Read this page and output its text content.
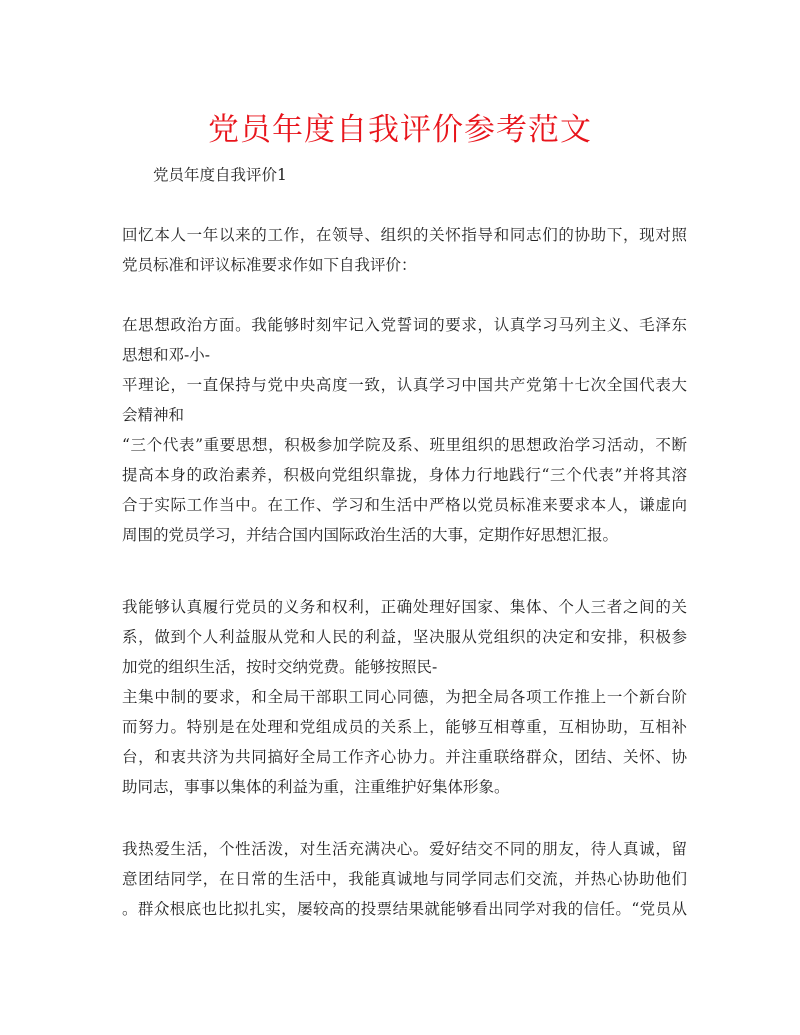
党员年度自我评价参考范文
党员年度自我评价1
回忆本人一年以来的工作，在领导、组织的关怀指导和同志们的协助下，现对照
党员标准和评议标准要求作如下自我评价：
在思想政治方面。我能够时刻牢记入党誓词的要求，认真学习马列主义、毛泽东
思想和邓-小-
平理论，一直保持与党中央高度一致，认真学习中国共产党第十七次全国代表大
会精神和
“三个代表”重要思想，积极参加学院及系、班里组织的思想政治学习活动，不断
提高本身的政治素养，积极向党组织靠拢，身体力行地践行“三个代表”并将其溶
合于实际工作当中。在工作、学习和生活中严格以党员标准来要求本人，谦虚向
周围的党员学习，并结合国内国际政治生活的大事，定期作好思想汇报。
我能够认真履行党员的义务和权利，正确处理好国家、集体、个人三者之间的关
系，做到个人利益服从党和人民的利益，坚决服从党组织的决定和安排，积极参
加党的组织生活，按时交纳党费。能够按照民-
主集中制的要求，和全局干部职工同心同德，为把全局各项工作推上一个新台阶
而努力。特别是在处理和党组成员的关系上，能够互相尊重，互相协助，互相补
台，和衷共济为共同搞好全局工作齐心协力。并注重联络群众，团结、关怀、协
助同志，事事以集体的利益为重，注重维护好集体形象。
我热爱生活，个性活泼，对生活充满决心。爱好结交不同的朋友，待人真诚，留
意团结同学，在日常的生活中，我能真诚地与同学同志们交流，并热心协助他们
。群众根底也比拟扎实，屡较高的投票结果就能够看出同学对我的信任。“党员从
